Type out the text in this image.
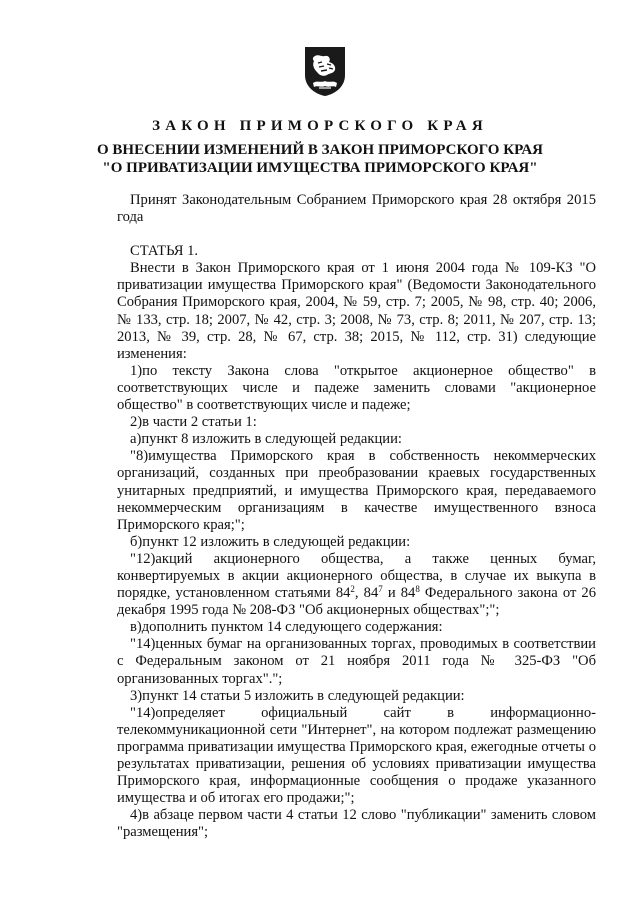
ЗАКОН ПРИМОРСКОГО КРАЯ
О ВНЕСЕНИИ ИЗМЕНЕНИЙ В ЗАКОН ПРИМОРСКОГО КРАЯ
"О ПРИВАТИЗАЦИИ ИМУЩЕСТВА ПРИМОРСКОГО КРАЯ"

Принят Законодательным Собранием Приморского края 28 октября 2015 года

СТАТЬЯ 1.

Внести в Закон Приморского края от 1 июня 2004 года № 109-КЗ "О приватизации имущества Приморского края" (Ведомости Законодательного Собрания Приморского края, 2004, № 59, стр. 7; 2005, № 98, стр. 40; 2006, № 133, стр. 18; 2007, № 42, стр. 3; 2008, № 73, стр. 8; 2011, № 207, стр. 13; 2013, № 39, стр. 28, № 67, стр. 38; 2015, № 112, стр. 31) следующие изменения:

1)по тексту Закона слова "открытое акционерное общество" в соответствующих числе и падеже заменить словами "акционерное общество" в соответствующих числе и падеже;

2)в части 2 статьи 1:

а)пункт 8 изложить в следующей редакции:

"8)имущества Приморского края в собственность некоммерческих организаций, созданных при преобразовании краевых государственных унитарных предприятий, и имущества Приморского края, передаваемого некоммерческим организациям в качестве имущественного взноса Приморского края;";

б)пункт 12 изложить в следующей редакции:

"12)акций акционерного общества, а также ценных бумаг, конвертируемых в акции акционерного общества, в случае их выкупа в порядке, установленном статьями $84^2$, $84^7$ и $84^8$ Федерального закона от 26 декабря 1995 года № 208-ФЗ "Об акционерных обществах";";

в)дополнить пунктом 14 следующего содержания:

"14)ценных бумаг на организованных торгах, проводимых в соответствии с Федеральным законом от 21 ноября 2011 года № 325-ФЗ "Об организованных торгах".";

3)пункт 14 статьи 5 изложить в следующей редакции:

"14)определяет официальный сайт в информационно-телекоммуникационной сети "Интернет", на котором подлежат размещению программа приватизации имущества Приморского края, ежегодные отчеты о результатах приватизации, решения об условиях приватизации имущества Приморского края, информационные сообщения о продаже указанного имущества и об итогах его продажи;";

4)в абзаце первом части 4 статьи 12 слово "публикации" заменить словом "размещения";
